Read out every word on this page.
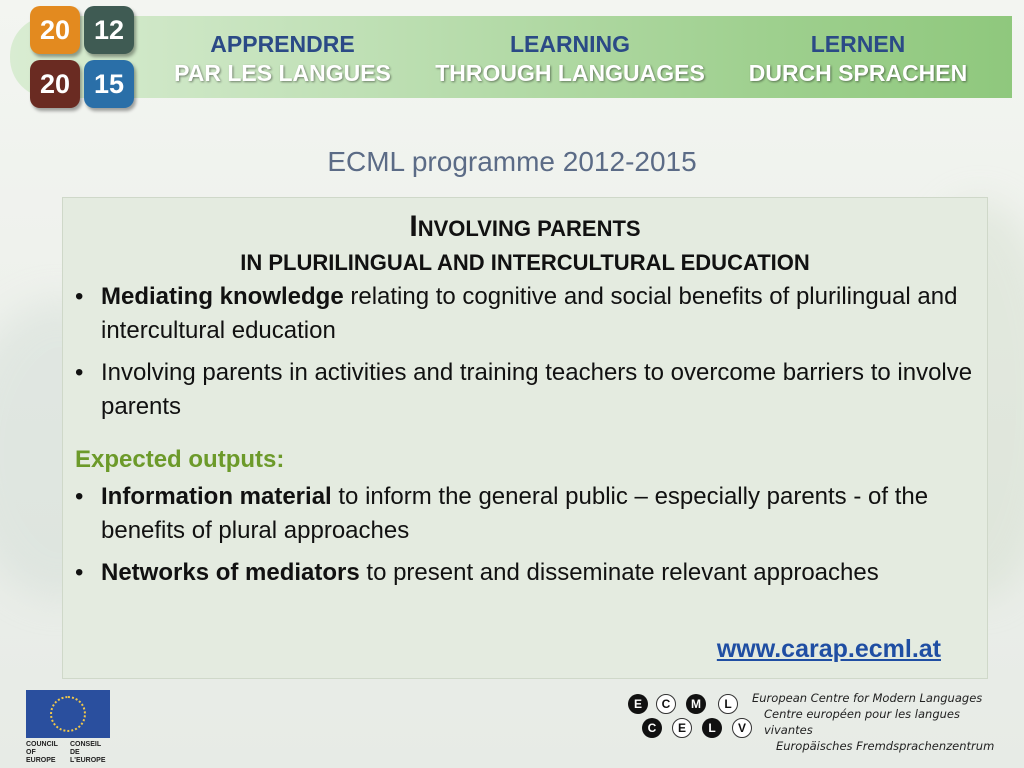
20 12
20 15
APPRENDRE
PAR LES LANGUES
LEARNING
THROUGH LANGUAGES
LERNEN
DURCH SPRACHEN
ECML programme 2012-2015
INVOLVING PARENTS
IN PLURILINGUAL AND INTERCULTURAL EDUCATION
• Mediating knowledge relating to cognitive and social benefits of plurilingual and intercultural education
• Involving parents in activities and training teachers to overcome barriers to involve parents
Expected outputs:
• Information material to inform the general public – especially parents - of the benefits of plural approaches
• Networks of mediators to present and disseminate relevant approaches
www.carap.ecml.at
COUNCIL OF EUROPE
CONSEIL DE L'EUROPE
E	C	M	L
C	E	L	V
European Centre for Modern Languages
Centre européen pour les langues vivantes
Europäisches Fremdsprachenzentrum
